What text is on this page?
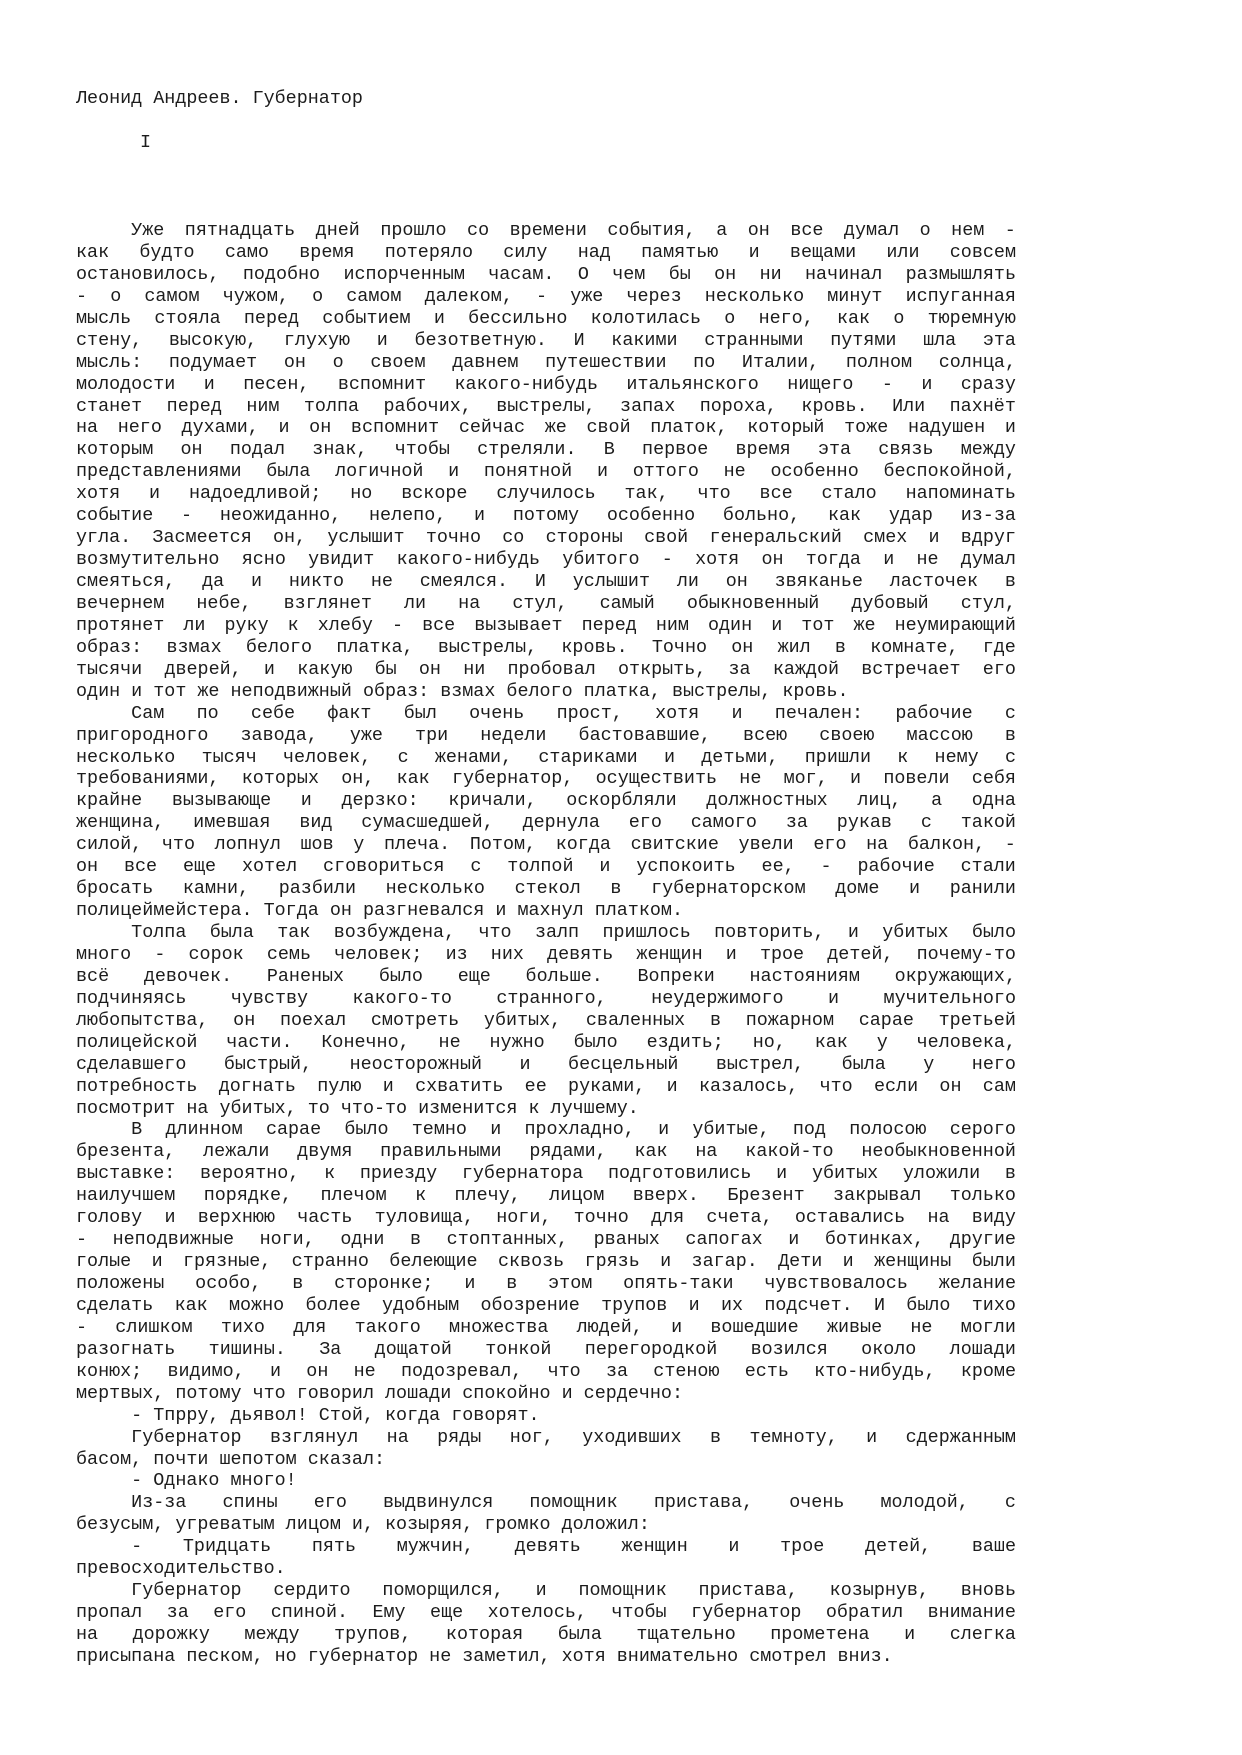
Леонид Андреев. Губернатор
I
Уже пятнадцать дней прошло со времени события, а он все думал о нем -
как будто само время потеряло силу над памятью и вещами или совсем
остановилось, подобно испорченным часам. О чем бы он ни начинал размышлять
- о самом чужом, о самом далеком, - уже через несколько минут испуганная
мысль стояла перед событием и бессильно колотилась о него, как о тюремную
стену, высокую, глухую и безответную. И какими странными путями шла эта
мысль: подумает он о своем давнем путешествии по Италии, полном солнца,
молодости и песен, вспомнит какого-нибудь итальянского нищего - и сразу
станет перед ним толпа рабочих, выстрелы, запах пороха, кровь. Или пахнёт
на него духами, и он вспомнит сейчас же свой платок, который тоже надушен и
которым он подал знак, чтобы стреляли. В первое время эта связь между
представлениями была логичной и понятной и оттого не особенно беспокойной,
хотя и надоедливой; но вскоре случилось так, что все стало напоминать
событие - неожиданно, нелепо, и потому особенно больно, как удар из-за
угла. Засмеется он, услышит точно со стороны свой генеральский смех и вдруг
возмутительно ясно увидит какого-нибудь убитого - хотя он тогда и не думал
смеяться, да и никто не смеялся. И услышит ли он звяканье ласточек в
вечернем небе, взглянет ли на стул, самый обыкновенный дубовый стул,
протянет ли руку к хлебу - все вызывает перед ним один и тот же неумирающий
образ: взмах белого платка, выстрелы, кровь. Точно он жил в комнате, где
тысячи дверей, и какую бы он ни пробовал открыть, за каждой встречает его
один и тот же неподвижный образ: взмах белого платка, выстрелы, кровь.
Сам по себе факт был очень прост, хотя и печален: рабочие с
пригородного завода, уже три недели бастовавшие, всею своею массою в
несколько тысяч человек, с женами, стариками и детьми, пришли к нему с
требованиями, которых он, как губернатор, осуществить не мог, и повели себя
крайне вызывающе и дерзко: кричали, оскорбляли должностных лиц, а одна
женщина, имевшая вид сумасшедшей, дернула его самого за рукав с такой
силой, что лопнул шов у плеча. Потом, когда свитские увели его на балкон, -
он все еще хотел сговориться с толпой и успокоить ее, - рабочие стали
бросать камни, разбили несколько стекол в губернаторском доме и ранили
полицеймейстера. Тогда он разгневался и махнул платком.
Толпа была так возбуждена, что залп пришлось повторить, и убитых было
много - сорок семь человек; из них девять женщин и трое детей, почему-то
всё девочек. Раненых было еще больше. Вопреки настояниям окружающих,
подчиняясь чувству какого-то странного, неудержимого и мучительного
любопытства, он поехал смотреть убитых, сваленных в пожарном сарае третьей
полицейской части. Конечно, не нужно было ездить; но, как у человека,
сделавшего быстрый, неосторожный и бесцельный выстрел, была у него
потребность догнать пулю и схватить ее руками, и казалось, что если он сам
посмотрит на убитых, то что-то изменится к лучшему.
В длинном сарае было темно и прохладно, и убитые, под полосою серого
брезента, лежали двумя правильными рядами, как на какой-то необыкновенной
выставке: вероятно, к приезду губернатора подготовились и убитых уложили в
наилучшем порядке, плечом к плечу, лицом вверх. Брезент закрывал только
голову и верхнюю часть туловища, ноги, точно для счета, оставались на виду
- неподвижные ноги, одни в стоптанных, рваных сапогах и ботинках, другие
голые и грязные, странно белеющие сквозь грязь и загар. Дети и женщины были
положены особо, в сторонке; и в этом опять-таки чувствовалось желание
сделать как можно более удобным обозрение трупов и их подсчет. И было тихо
- слишком тихо для такого множества людей, и вошедшие живые не могли
разогнать тишины. За дощатой тонкой перегородкой возился около лошади
конюх; видимо, и он не подозревал, что за стеною есть кто-нибудь, кроме
мертвых, потому что говорил лошади спокойно и сердечно:
- Тпрру, дьявол! Стой, когда говорят.
Губернатор взглянул на ряды ног, уходивших в темноту, и сдержанным
басом, почти шепотом сказал:
- Однако много!
Из-за спины его выдвинулся помощник пристава, очень молодой, с
безусым, угреватым лицом и, козыряя, громко доложил:
- Тридцать пять мужчин, девять женщин и трое детей, ваше
превосходительство.
Губернатор сердито поморщился, и помощник пристава, козырнув, вновь
пропал за его спиной. Ему еще хотелось, чтобы губернатор обратил внимание
на дорожку между трупов, которая была тщательно прометена и слегка
присыпана песком, но губернатор не заметил, хотя внимательно смотрел вниз.
